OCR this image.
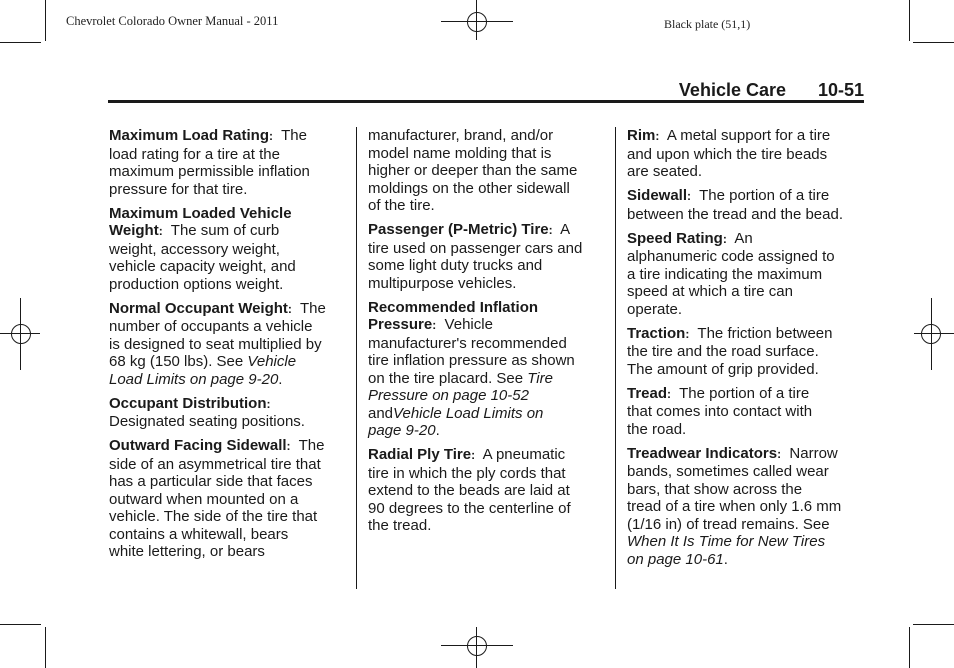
Chevrolet Colorado Owner Manual - 2011	Black plate (51,1)
Vehicle Care 10-51
Maximum Load Rating:  The
load rating for a tire at the
maximum permissible inflation
pressure for that tire.
Maximum Loaded Vehicle
Weight:  The sum of curb
weight, accessory weight,
vehicle capacity weight, and
production options weight.
Normal Occupant Weight:  The
number of occupants a vehicle
is designed to seat multiplied by
68 kg (150 lbs). See Vehicle
Load Limits on page 9-20.
Occupant Distribution:
Designated seating positions.
Outward Facing Sidewall:  The
side of an asymmetrical tire that
has a particular side that faces
outward when mounted on a
vehicle. The side of the tire that
contains a whitewall, bears
white lettering, or bears
manufacturer, brand, and/or
model name molding that is
higher or deeper than the same
moldings on the other sidewall
of the tire.
Passenger (P-Metric) Tire:  A
tire used on passenger cars and
some light duty trucks and
multipurpose vehicles.
Recommended Inflation
Pressure:  Vehicle
manufacturer's recommended
tire inflation pressure as shown
on the tire placard. See Tire
Pressure on page 10-52
andVehicle Load Limits on
page 9-20.
Radial Ply Tire:  A pneumatic
tire in which the ply cords that
extend to the beads are laid at
90 degrees to the centerline of
the tread.
Rim:  A metal support for a tire
and upon which the tire beads
are seated.
Sidewall:  The portion of a tire
between the tread and the bead.
Speed Rating:  An
alphanumeric code assigned to
a tire indicating the maximum
speed at which a tire can
operate.
Traction:  The friction between
the tire and the road surface.
The amount of grip provided.
Tread:  The portion of a tire
that comes into contact with
the road.
Treadwear Indicators:  Narrow
bands, sometimes called wear
bars, that show across the
tread of a tire when only 1.6 mm
(1/16 in) of tread remains. See
When It Is Time for New Tires
on page 10-61.
